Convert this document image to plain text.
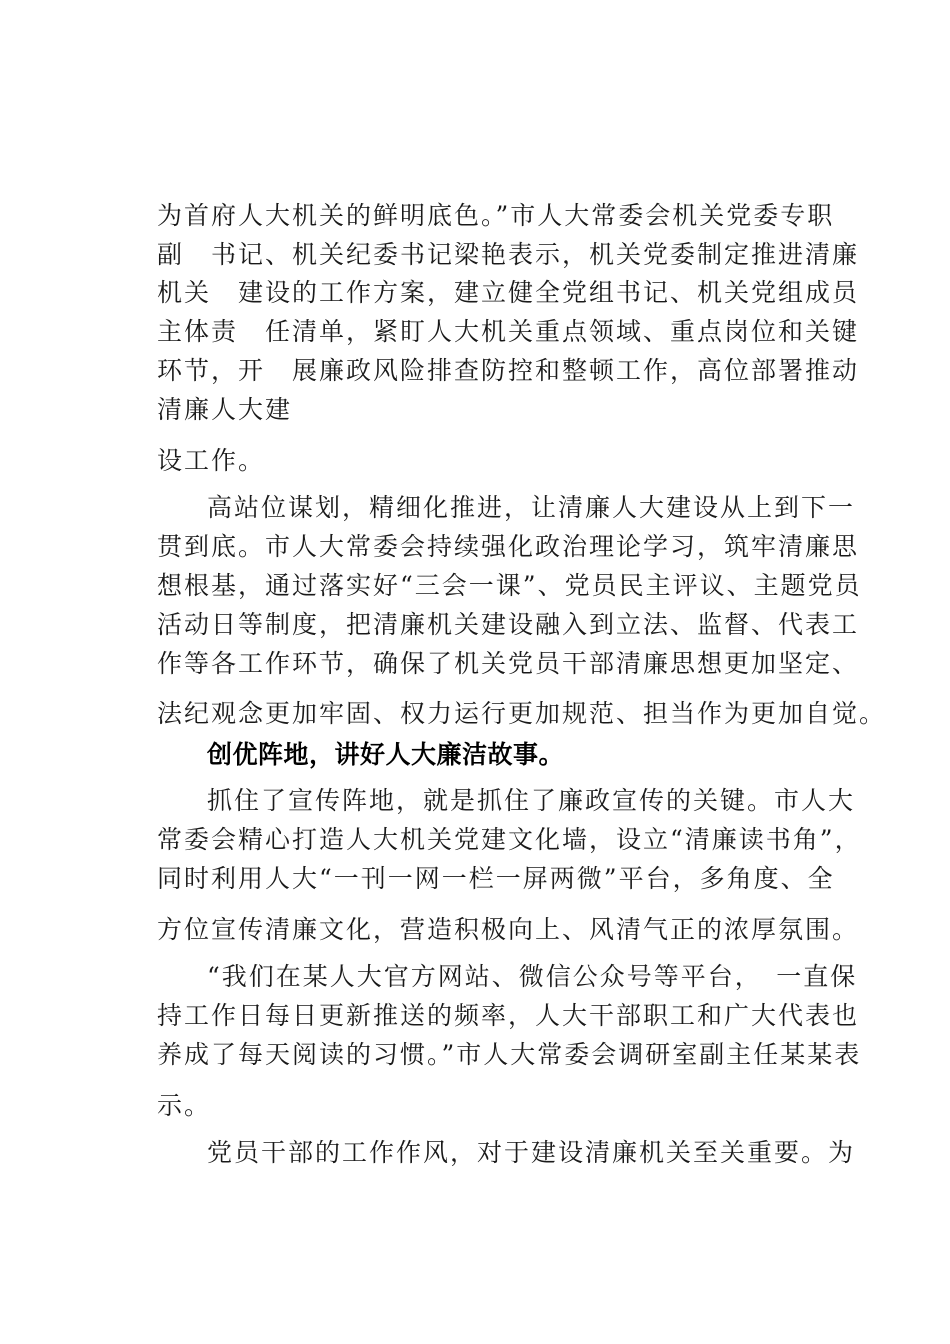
为首府人大机关的鲜明底色。”市人大常委会机关党委专职
副　书记、机关纪委书记梁艳表示，机关党委制定推进清廉
机关　建设的工作方案，建立健全党组书记、机关党组成员
主体责　任清单，紧盯人大机关重点领域、重点岗位和关键
环节，开　展廉政风险排查防控和整顿工作，高位部署推动
清廉人大建
设工作。
高站位谋划，精细化推进，让清廉人大建设从上到下一
贯到底。市人大常委会持续强化政治理论学习，筑牢清廉思
想根基，通过落实好“三会一课”、党员民主评议、主题党员
活动日等制度，把清廉机关建设融入到立法、监督、代表工
作等各工作环节，确保了机关党员干部清廉思想更加坚定、
法纪观念更加牢固、权力运行更加规范、担当作为更加自觉。
创优阵地，讲好人大廉洁故事。
抓住了宣传阵地，就是抓住了廉政宣传的关键。市人大
常委会精心打造人大机关党建文化墙，设立“清廉读书角”，
同时利用人大“一刊一网一栏一屏两微”平台，多角度、全
方位宣传清廉文化，营造积极向上、风清气正的浓厚氛围。
“我们在某人大官方网站、微信公众号等平台，　一直保
持工作日每日更新推送的频率，人大干部职工和广大代表也
养成了每天阅读的习惯。”市人大常委会调研室副主任某某表
示。
党员干部的工作作风，对于建设清廉机关至关重要。为
